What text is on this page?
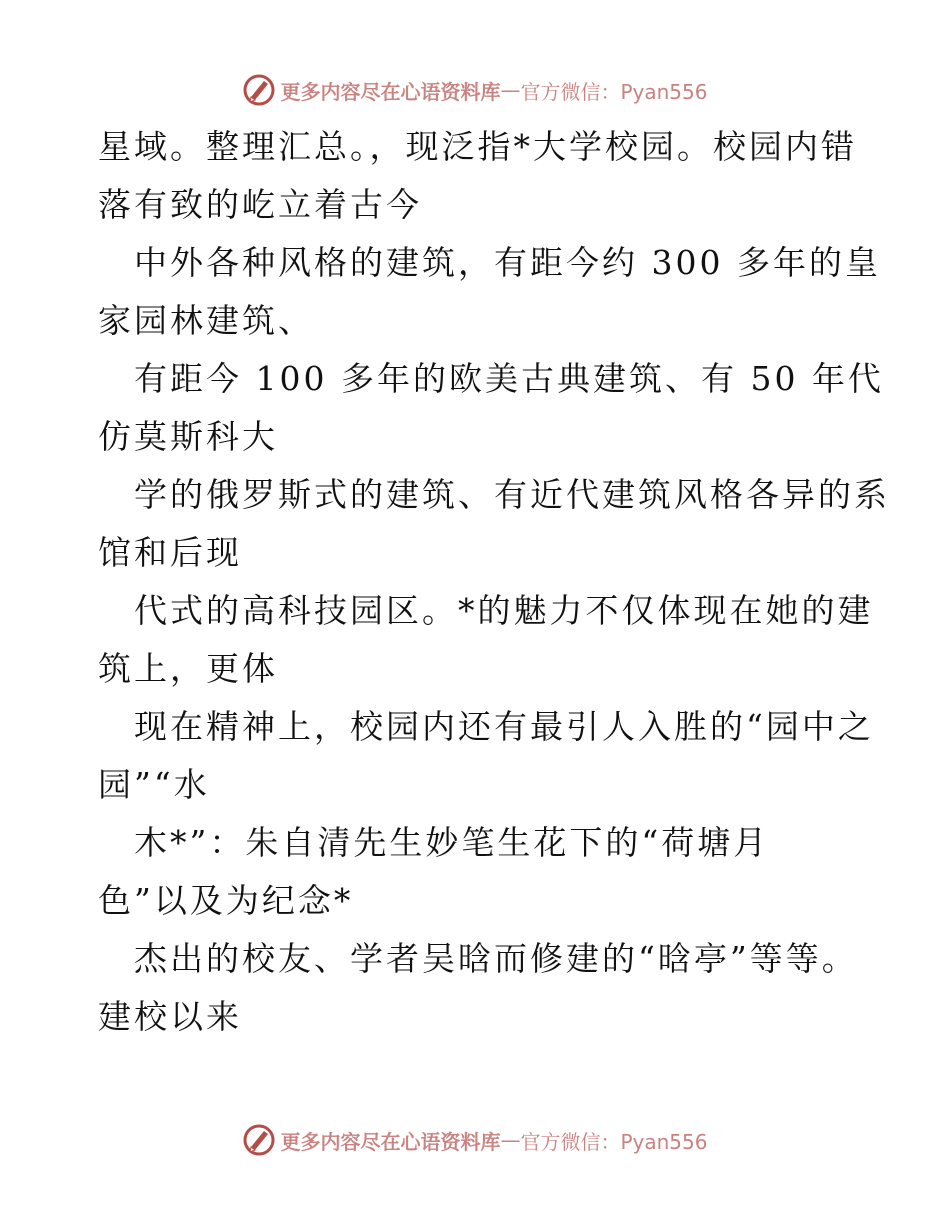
更多内容尽在心语资料库 — 官方微信：Pyan556
星域。整理汇总。，现泛指*大学校园。校园内错
落有致的屹立着古今
中外各种风格的建筑，有距今约 300 多年的皇
家园林建筑、
有距今 100 多年的欧美古典建筑、有 50 年代
仿莫斯科大
学的俄罗斯式的建筑、有近代建筑风格各异的系
馆和后现
代式的高科技园区。*的魅力不仅体现在她的建
筑上，更体
现在精神上，校园内还有最引人入胜的“园中之
园”“水
木*”：朱自清先生妙笔生花下的“荷塘月
色”以及为纪念*
杰出的校友、学者吴晗而修建的“晗亭”等等。
建校以来
更多内容尽在心语资料库 — 官方微信：Pyan556
